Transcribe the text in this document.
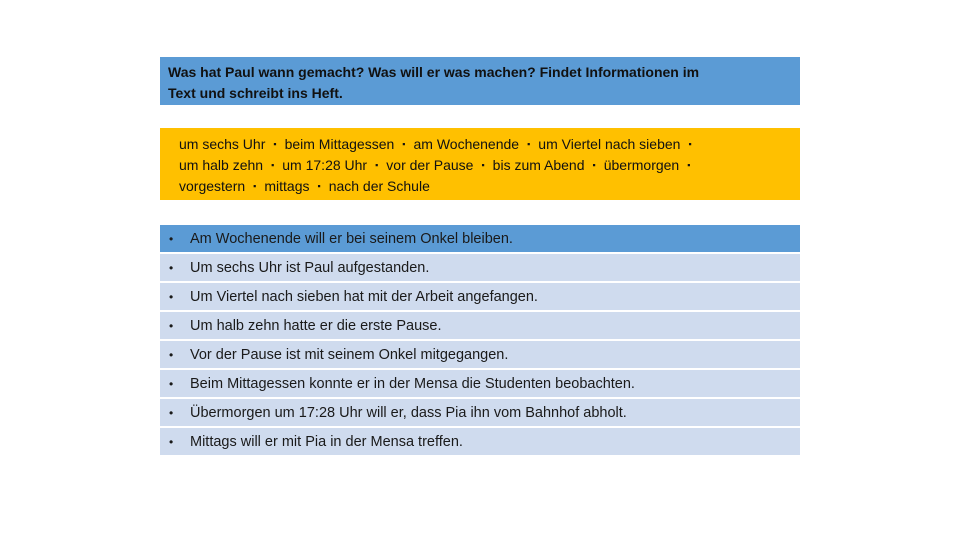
Was hat Paul wann gemacht? Was will er was machen? Findet Informationen im
Text und schreibt ins Heft.
um sechs Uhr ▪ beim Mittagessen ▪ am Wochenende ▪ um Viertel nach sieben ▪
um halb zehn ▪ um 17:28 Uhr ▪ vor der Pause ▪ bis zum Abend ▪ übermorgen ▪
vorgestern ▪ mittags ▪ nach der Schule
•	Am Wochenende will er bei seinem Onkel bleiben.
•	Um sechs Uhr ist Paul aufgestanden.
•	Um Viertel nach sieben hat mit der Arbeit angefangen.
•	Um halb zehn hatte er die erste Pause.
•	Vor der Pause ist mit seinem Onkel mitgegangen.
•	Beim Mittagessen konnte er in der Mensa die Studenten beobachten.
•	Übermorgen um 17:28 Uhr will er, dass Pia ihn vom Bahnhof abholt.
•	Mittags will er mit Pia in der Mensa treffen.
